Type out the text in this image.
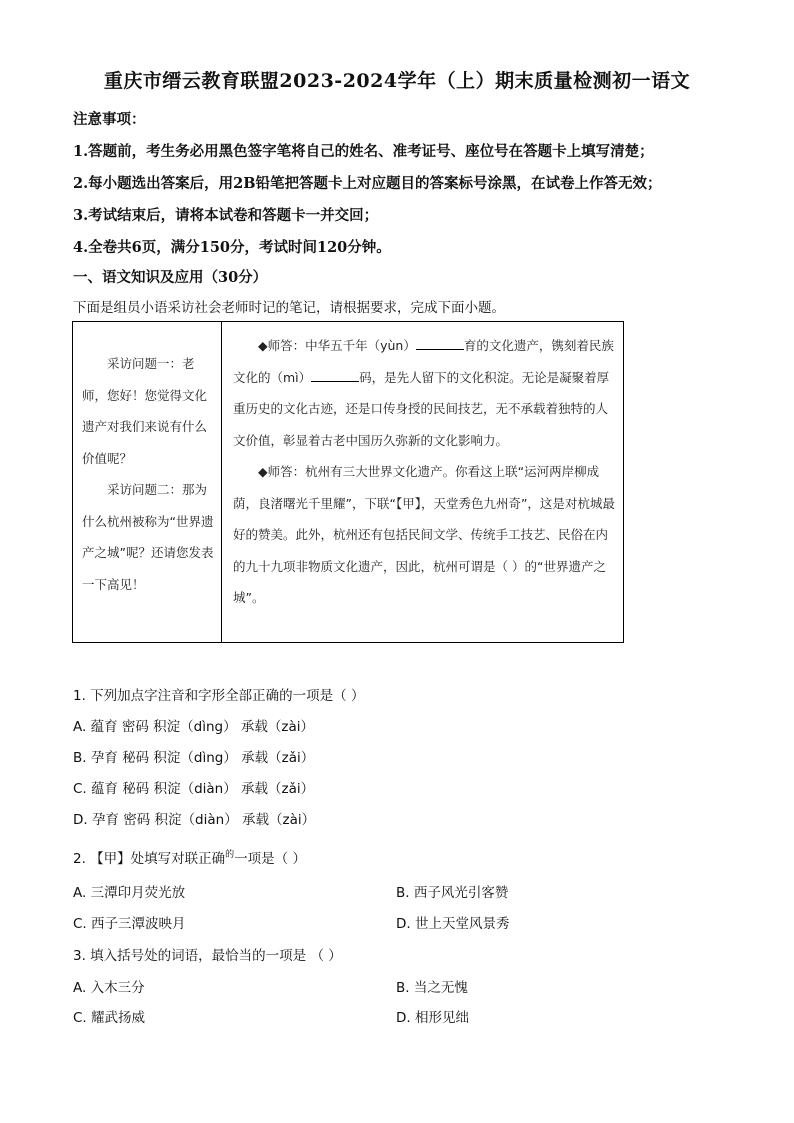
重庆市缙云教育联盟2023-2024学年（上）期末质量检测初一语文
注意事项：
1.答题前，考生务必用黑色签字笔将自己的姓名、准考证号、座位号在答题卡上填写清楚；
2.每小题选出答案后，用2B铅笔把答题卡上对应题目的答案标号涂黑，在试卷上作答无效；
3.考试结束后，请将本试卷和答题卡一并交回；
4.全卷共6页，满分150分，考试时间120分钟。
一、语文知识及应用（30分）
下面是组员小语采访社会老师时记的笔记，请根据要求，完成下面小题。

采访问题一：老师，您好！您觉得文化遗产对我们来说有什么价值呢？

采访问题二：那为什么杭州被称为“世界遗产之城”呢？还请您发表一下高见！

◆师答：中华五千年（yùn）	育的文化遗产，镌刻着民族文化的（mì）	码，是先人留下的文化积淀。无论是凝聚着厚重历史的文化古迹，还是口传身授的民间技艺，无不承载着独特的人文价值，彰显着古老中国历久弥新的文化影响力。

◆师答：杭州有三大世界文化遗产。你看这上联“运河两岸柳成荫，良渚曙光千里耀”，下联“【甲】，天堂秀色九州奇”，这是对杭城最好的赞美。此外，杭州还有包括民间文学、传统手工技艺、民俗在内的九十九项非物质文化遗产，因此，杭州可谓是（ ）的“世界遗产之城”。

1. 下列加点字注音和字形全部正确的一项是（ ）
A. 蕴育 密码 积淀（dìng） 承载（zài）
B. 孕育 秘码 积淀（dìng） 承载（zǎi）
C. 蕴育 秘码 积淀（diàn） 承载（zǎi）
D. 孕育 密码 积淀（diàn） 承载（zài）
2. 【甲】处填写对联正确$^的$一项是（ ）
A. 三潭印月荧光放	B. 西子风光引客赞
C. 西子三潭波映月	D. 世上天堂风景秀
3. 填入括号处的词语，最恰当的一项是 （ ）
A. 入木三分	B. 当之无愧
C. 耀武扬威	D. 相形见绌
